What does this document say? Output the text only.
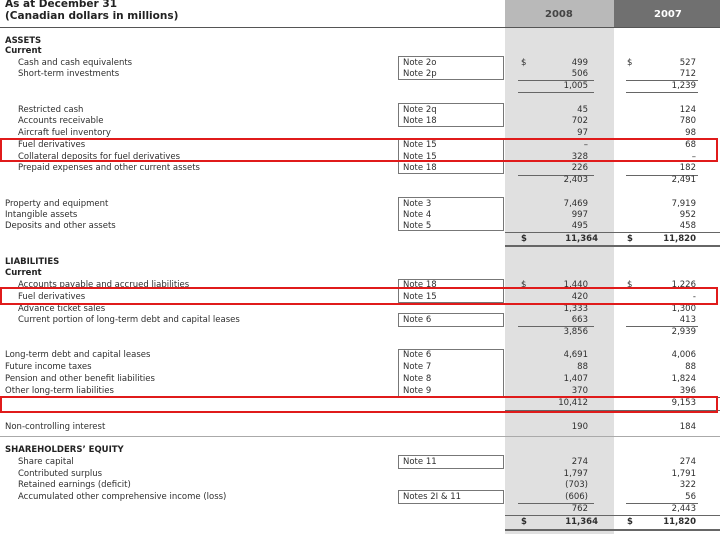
2008	2007
As at December 31
(Canadian dollars in millions)
ASSETS
Current
Cash and cash equivalents	Note 2o	$	499	$	527
Short-term investments	Note 2p	506	712
1,005	1,239
Restricted cash	Note 2q	45	124
Accounts receivable	Note 18	702	780
Aircraft fuel inventory	97	98
Fuel derivatives	Note 15	–	68
Collateral deposits for fuel derivatives	Note 15	328	–
Prepaid expenses and other current assets	Note 18	226	182
2,403	2,491
Property and equipment	Note 3	7,469	7,919
Intangible assets	Note 4	997	952
Deposits and other assets	Note 5	495	458
$	11,364	$	11,820
LIABILITIES
Current
Accounts payable and accrued liabilities	Note 18	$	1,440	$	1,226
Fuel derivatives	Note 15	420	-
Advance ticket sales	1,333	1,300
Current portion of long-term debt and capital leases	Note 6	663	413
3,856	2,939
Long-term debt and capital leases	Note 6	4,691	4,006
Future income taxes	Note 7	88	88
Pension and other benefit liabilities	Note 8	1,407	1,824
Other long-term liabilities	Note 9	370	396
10,412	9,153
Non-controlling interest	190	184
SHAREHOLDERS’ EQUITY
Share capital	Note 11	274	274
Contributed surplus	1,797	1,791
Retained earnings (deficit)	(703)	322
Accumulated other comprehensive income (loss)	Notes 2I & 11	(606)	56
762	2,443
$	11,364	$	11,820
